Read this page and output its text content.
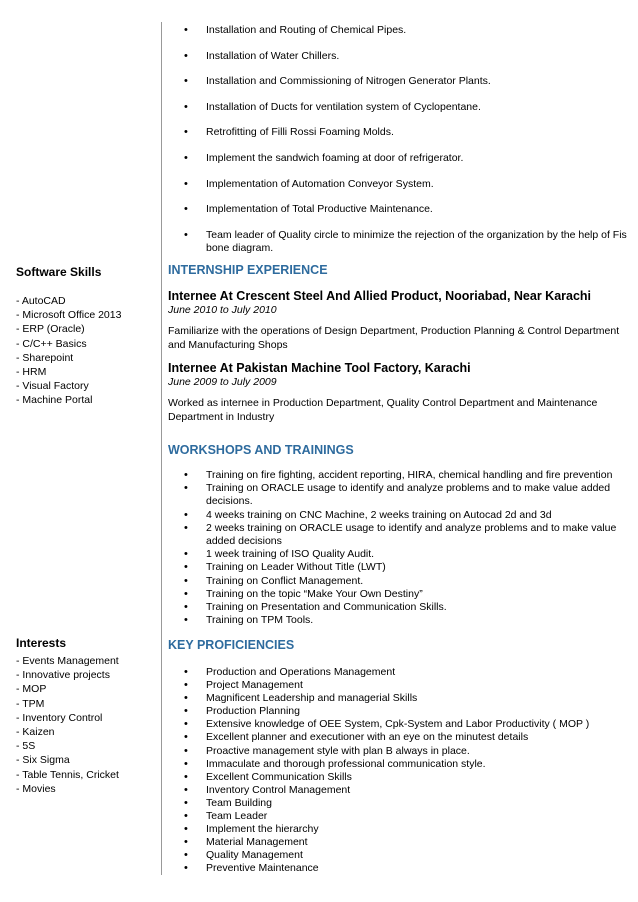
Software Skills
- AutoCAD
- Microsoft Office 2013
- ERP (Oracle)
- C/C++ Basics
- Sharepoint
- HRM
- Visual Factory
- Machine Portal
Interests
- Events Management
- Innovative projects
- MOP
- TPM
- Inventory Control
- Kaizen
- 5S
- Six Sigma
- Table Tennis, Cricket
- Movies
• Installation and Routing of Chemical Pipes.
• Installation of Water Chillers.
• Installation and Commissioning of Nitrogen Generator Plants.
• Installation of Ducts for ventilation system of Cyclopentane.
• Retrofitting of Filli Rossi Foaming Molds.
• Implement the sandwich foaming at door of refrigerator.
• Implementation of Automation Conveyor System.
• Implementation of Total Productive Maintenance.
• Team leader of Quality circle to minimize the rejection of the organization by the help of Fis bone diagram.
INTERNSHIP EXPERIENCE
Internee At Crescent Steel And Allied Product, Nooriabad, Near Karachi
June 2010 to July 2010
Familiarize with the operations of Design Department, Production Planning & Control Department and Manufacturing Shops
Internee At Pakistan Machine Tool Factory, Karachi
June 2009 to July 2009
Worked as internee in Production Department, Quality Control Department and Maintenance Department in Industry
WORKSHOPS AND TRAININGS
• Training on fire fighting, accident reporting, HIRA, chemical handling and fire prevention
• Training on ORACLE usage to identify and analyze problems and to make value added decisions.
• 4 weeks training on CNC Machine, 2 weeks training on Autocad 2d and 3d
• 2 weeks training on ORACLE usage to identify and analyze problems and to make value added decisions
• 1 week training of ISO Quality Audit.
• Training on Leader Without Title (LWT)
• Training on Conflict Management.
• Training on the topic “Make Your Own Destiny”
• Training on Presentation and Communication Skills.
• Training on TPM Tools.
KEY PROFICIENCIES
• Production and Operations Management
• Project Management
• Magnificent Leadership and managerial Skills
• Production Planning
• Extensive knowledge of OEE System, Cpk-System and Labor Productivity ( MOP )
• Excellent planner and executioner with an eye on the minutest details
• Proactive management style with plan B always in place.
• Immaculate and thorough professional communication style.
• Excellent Communication Skills
• Inventory Control Management
• Team Building
• Team Leader
• Implement the hierarchy
• Material Management
• Quality Management
• Preventive Maintenance
